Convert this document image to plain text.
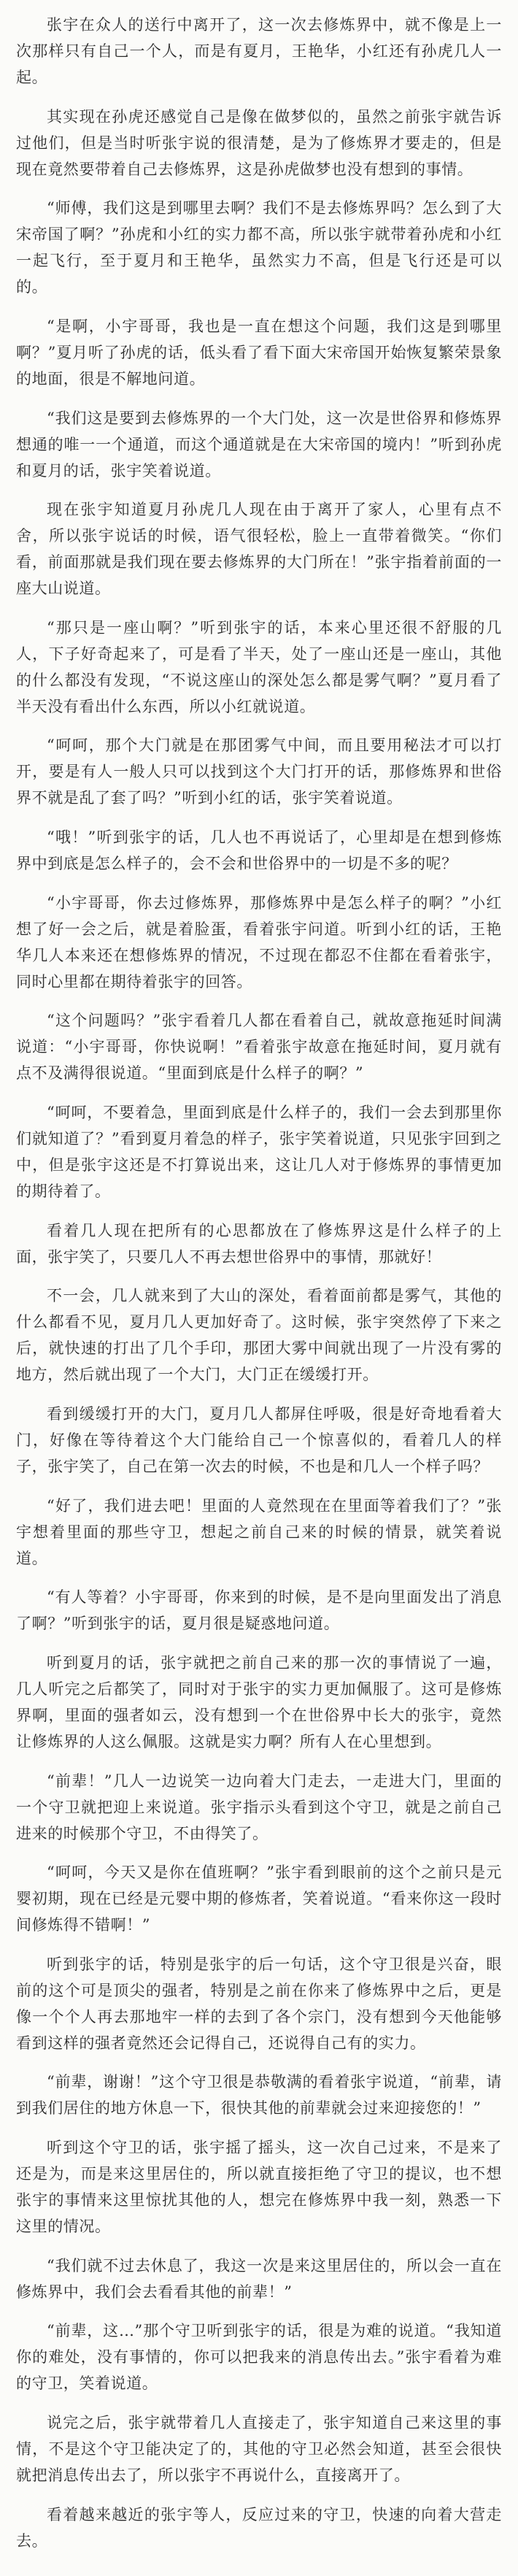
张宇在众人的送行中离开了，这一次去修炼界中，就不像是上一次那样只有自己一个人，而是有夏月，王艳华，小红还有孙虎几人一起。

其实现在孙虎还感觉自己是像在做梦似的，虽然之前张宇就告诉过他们，但是当时听张宇说的很清楚，是为了修炼界才要走的，但是现在竟然要带着自己去修炼界，这是孙虎做梦也没有想到的事情。

“师傅，我们这是到哪里去啊？我们不是去修炼界吗？怎么到了大宋帝国了啊？”孙虎和小红的实力都不高，所以张宇就带着孙虎和小红一起飞行，至于夏月和王艳华，虽然实力不高，但是飞行还是可以的。

“是啊，小宇哥哥，我也是一直在想这个问题，我们这是到哪里啊？”夏月听了孙虎的话，低头看了看下面大宋帝国开始恢复繁荣景象的地面，很是不解地问道。

“我们这是要到去修炼界的一个大门处，这一次是世俗界和修炼界想通的唯一一个通道，而这个通道就是在大宋帝国的境内！”听到孙虎和夏月的话，张宇笑着说道。

现在张宇知道夏月孙虎几人现在由于离开了家人，心里有点不舍，所以张宇说话的时候，语气很轻松，脸上一直带着微笑。“你们看，前面那就是我们现在要去修炼界的大门所在！”张宇指着前面的一座大山说道。

“那只是一座山啊？”听到张宇的话，本来心里还很不舒服的几人，下子好奇起来了，可是看了半天，处了一座山还是一座山，其他的什么都没有发现，“不说这座山的深处怎么都是雾气啊？”夏月看了半天没有看出什么东西，所以小红就说道。

“呵呵，那个大门就是在那团雾气中间，而且要用秘法才可以打开，要是有人一般人只可以找到这个大门打开的话，那修炼界和世俗界不就是乱了套了吗？”听到小红的话，张宇笑着说道。

“哦！”听到张宇的话，几人也不再说话了，心里却是在想到修炼界中到底是怎么样子的，会不会和世俗界中的一切是不多的呢？

“小宇哥哥，你去过修炼界，那修炼界中是怎么样子的啊？”小红想了好一会之后，就是着脸蛋，看着张宇问道。听到小红的话，王艳华几人本来还在想修炼界的情况，不过现在都忍不住都在看着张宇，同时心里都在期待着张宇的回答。

“这个问题吗？”张宇看着几人都在看着自己，就故意拖延时间满说道：“小宇哥哥，你快说啊！”看着张宇故意在拖延时间，夏月就有点不及满得很说道。“里面到底是什么样子的啊？”

“呵呵，不要着急，里面到底是什么样子的，我们一会去到那里你们就知道了？”看到夏月着急的样子，张宇笑着说道，只见张宇回到之中，但是张宇这还是不打算说出来，这让几人对于修炼界的事情更加的期待着了。

看着几人现在把所有的心思都放在了修炼界这是什么样子的上面，张宇笑了，只要几人不再去想世俗界中的事情，那就好！

不一会，几人就来到了大山的深处，看着面前都是雾气，其他的什么都看不见，夏月几人更加好奇了。这时候，张宇突然停了下来之后，就快速的打出了几个手印，那团大雾中间就出现了一片没有雾的地方，然后就出现了一个大门，大门正在缓缓打开。

看到缓缓打开的大门，夏月几人都屏住呼吸，很是好奇地看着大门，好像在等待着这个大门能给自己一个惊喜似的，看着几人的样子，张宇笑了，自己在第一次去的时候，不也是和几人一个样子吗？

“好了，我们进去吧！里面的人竟然现在在里面等着我们了？”张宇想着里面的那些守卫，想起之前自己来的时候的情景，就笑着说道。

“有人等着？小宇哥哥，你来到的时候，是不是向里面发出了消息了啊？”听到张宇的话，夏月很是疑惑地问道。

听到夏月的话，张宇就把之前自己来的那一次的事情说了一遍，几人听完之后都笑了，同时对于张宇的实力更加佩服了。这可是修炼界啊，里面的强者如云，没有想到一个在世俗界中长大的张宇，竟然让修炼界的人这么佩服。这就是实力啊？所有人在心里想到。

“前辈！”几人一边说笑一边向着大门走去，一走进大门，里面的一个守卫就把迎上来说道。张宇指示头看到这个守卫，就是之前自己进来的时候那个守卫，不由得笑了。

“呵呵，今天又是你在值班啊？”张宇看到眼前的这个之前只是元婴初期，现在已经是元婴中期的修炼者，笑着说道。“看来你这一段时间修炼得不错啊！”

听到张宇的话，特别是张宇的后一句话，这个守卫很是兴奋，眼前的这个可是顶尖的强者，特别是之前在你来了修炼界中之后，更是像一个个人再去那地牢一样的去到了各个宗门，没有想到今天他能够看到这样的强者竟然还会记得自己，还说得自己有的实力。

“前辈，谢谢！”这个守卫很是恭敬满的看着张宇说道，“前辈，请到我们居住的地方休息一下，很快其他的前辈就会过来迎接您的！”

听到这个守卫的话，张宇摇了摇头，这一次自己过来，不是来了还是为，而是来这里居住的，所以就直接拒绝了守卫的提议，也不想张宇的事情来这里惊扰其他的人，想完在修炼界中我一刻，熟悉一下这里的情况。

“我们就不过去休息了，我这一次是来这里居住的，所以会一直在修炼界中，我们会去看看其他的前辈！”

“前辈，这…”那个守卫听到张宇的话，很是为难的说道。“我知道你的难处，没有事情的，你可以把我来的消息传出去。”张宇看着为难的守卫，笑着说道。

说完之后，张宇就带着几人直接走了，张宇知道自己来这里的事情，不是这个守卫能决定了的，其他的守卫必然会知道，甚至会很快就把消息传出去了，所以张宇不再说什么，直接离开了。

看着越来越近的张宇等人，反应过来的守卫，快速的向着大营走去。
